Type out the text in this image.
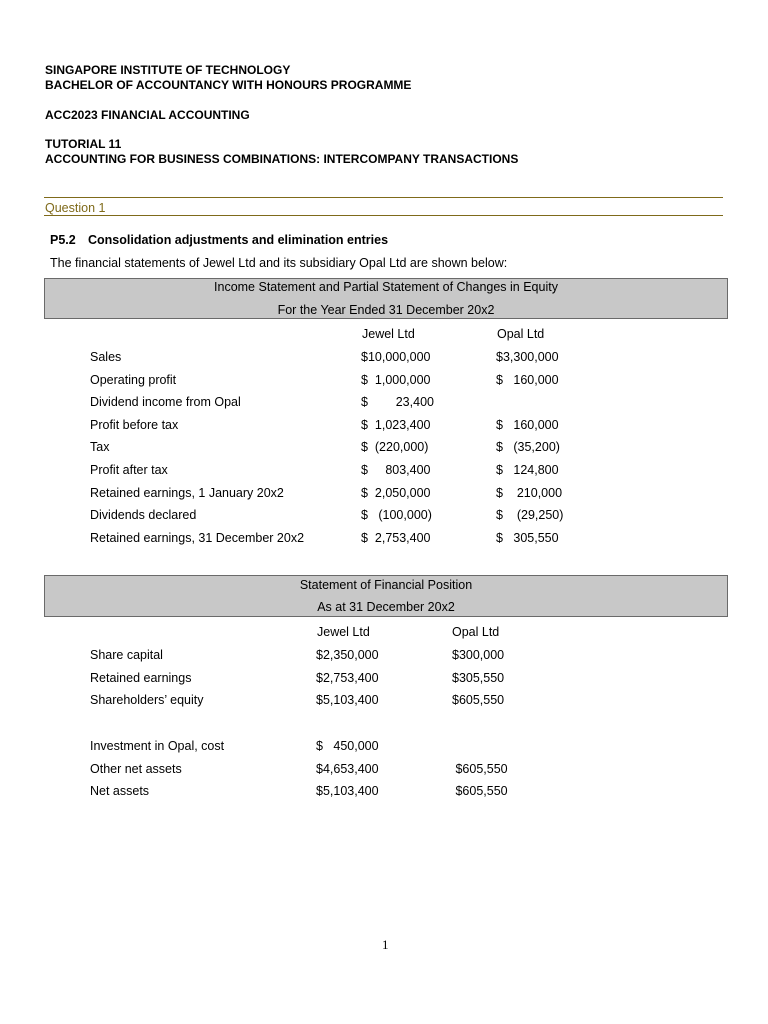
SINGAPORE INSTITUTE OF TECHNOLOGY
BACHELOR OF ACCOUNTANCY WITH HONOURS PROGRAMME
ACC2023 FINANCIAL ACCOUNTING
TUTORIAL 11
ACCOUNTING FOR BUSINESS COMBINATIONS: INTERCOMPANY TRANSACTIONS
Question 1
P5.2 Consolidation adjustments and elimination entries
The financial statements of Jewel Ltd and its subsidiary Opal Ltd are shown below:
Income Statement and Partial Statement of Changes in Equity
For the Year Ended 31 December 20x2
Jewel Ltd	Opal Ltd
Sales	$10,000,000	$3,300,000
Operating profit	$  1,000,000	$   160,000
Dividend income from Opal	$        23,400
Profit before tax	$  1,023,400	$   160,000
Tax	$  (220,000)	$   (35,200)
Profit after tax	$     803,400	$   124,800
Retained earnings, 1 January 20x2	$  2,050,000	$    210,000
Dividends declared	$   (100,000)	$    (29,250)
Retained earnings, 31 December 20x2	$  2,753,400	$   305,550
Statement of Financial Position
As at 31 December 20x2
Jewel Ltd	Opal Ltd
Share capital	$2,350,000	$300,000
Retained earnings	$2,753,400	$305,550
Shareholders’ equity	$5,103,400	$605,550
Investment in Opal, cost	$   450,000
Other net assets	$4,653,400	$605,550
Net assets	$5,103,400	$605,550
1
